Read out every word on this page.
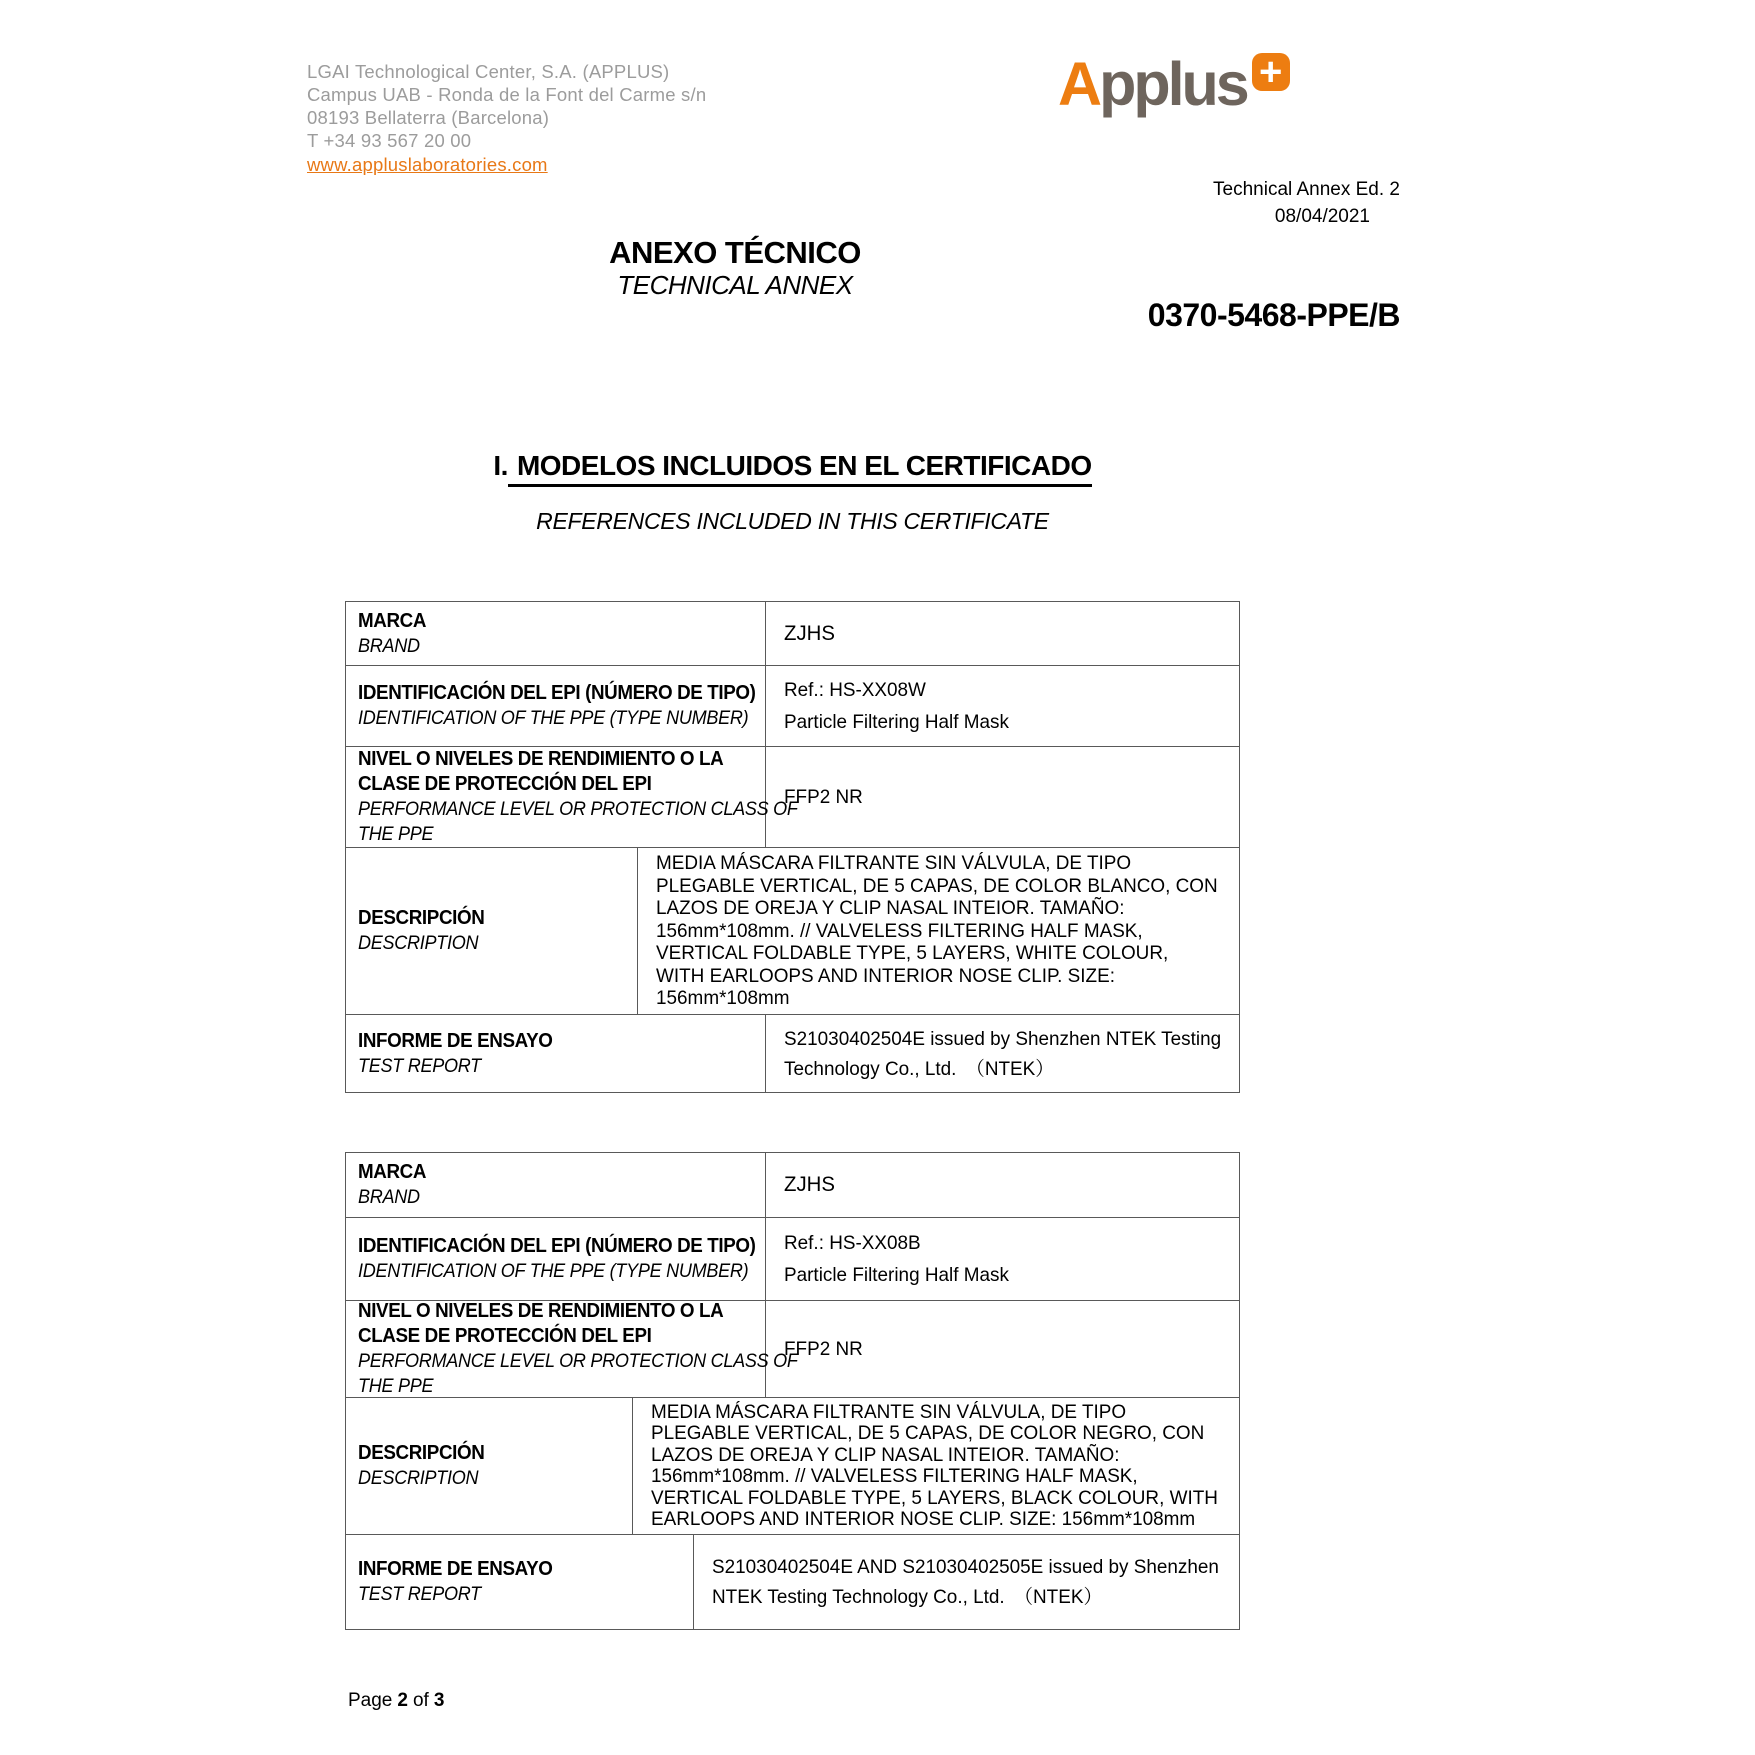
LGAI Technological Center, S.A. (APPLUS)
Campus UAB - Ronda de la Font del Carme s/n
08193 Bellaterra (Barcelona)
T +34 93 567 20 00
www.appluslaboratories.com
Applus +
Technical Annex Ed. 2
08/04/2021
ANEXO TÉCNICO
TECHNICAL ANNEX
0370-5468-PPE/B
I. MODELOS INCLUIDOS EN EL CERTIFICADO
REFERENCES INCLUDED IN THIS CERTIFICATE
MARCA
BRAND
ZJHS
IDENTIFICACIÓN DEL EPI (NÚMERO DE TIPO)
IDENTIFICATION OF THE PPE (TYPE NUMBER)
Ref.: HS-XX08W
Particle Filtering Half Mask
NIVEL O NIVELES DE RENDIMIENTO O LA
CLASE DE PROTECCIÓN DEL EPI
PERFORMANCE LEVEL OR PROTECTION CLASS OF
THE PPE
FFP2 NR
DESCRIPCIÓN
DESCRIPTION
MEDIA MÁSCARA FILTRANTE SIN VÁLVULA, DE TIPO
PLEGABLE VERTICAL, DE 5 CAPAS, DE COLOR BLANCO, CON
LAZOS DE OREJA Y CLIP NASAL INTEIOR. TAMAÑO:
156mm*108mm. // VALVELESS FILTERING HALF MASK,
VERTICAL FOLDABLE TYPE, 5 LAYERS, WHITE COLOUR,
WITH EARLOOPS AND INTERIOR NOSE CLIP. SIZE:
156mm*108mm
INFORME DE ENSAYO
TEST REPORT
S21030402504E issued by Shenzhen NTEK Testing
Technology Co., Ltd.　（NTEK）
MARCA
BRAND
ZJHS
IDENTIFICACIÓN DEL EPI (NÚMERO DE TIPO)
IDENTIFICATION OF THE PPE (TYPE NUMBER)
Ref.: HS-XX08B
Particle Filtering Half Mask
NIVEL O NIVELES DE RENDIMIENTO O LA
CLASE DE PROTECCIÓN DEL EPI
PERFORMANCE LEVEL OR PROTECTION CLASS OF
THE PPE
FFP2 NR
DESCRIPCIÓN
DESCRIPTION
MEDIA MÁSCARA FILTRANTE SIN VÁLVULA, DE TIPO
PLEGABLE VERTICAL, DE 5 CAPAS, DE COLOR NEGRO, CON
LAZOS DE OREJA Y CLIP NASAL INTEIOR. TAMAÑO:
156mm*108mm. // VALVELESS FILTERING HALF MASK,
VERTICAL FOLDABLE TYPE, 5 LAYERS, BLACK COLOUR, WITH
EARLOOPS AND INTERIOR NOSE CLIP. SIZE: 156mm*108mm
INFORME DE ENSAYO
TEST REPORT
S21030402504E AND S21030402505E issued by Shenzhen
NTEK Testing Technology Co., Ltd.　（NTEK）
Page 2 of 3
